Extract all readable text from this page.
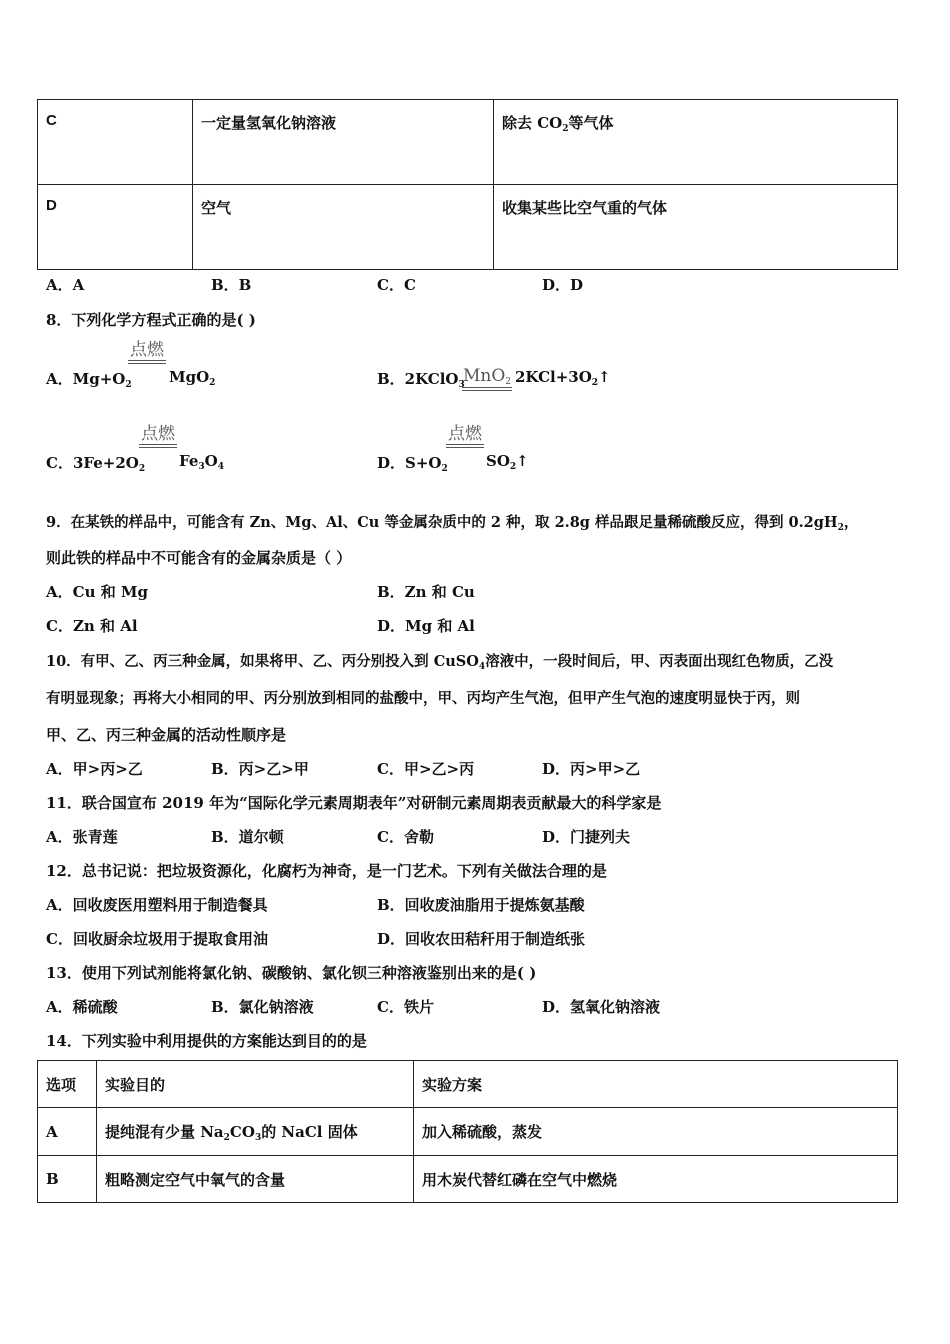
C	一定量氢氧化钠溶液	除去 $CO_2$等气体
D	空气	收集某些比空气重的气体
A．A	B．B	C．C	D．D
8．下列化学方程式正确的是( )
A．$Mg+O_2$
点燃
MgO$_2$	B．2KClO$_3$
MnO$_2$ $2KCl+3O_2↑$
C．$3Fe+2O_2$
点燃
$Fe_3O_4$	D．$S+O_2$
点燃
$SO_2↑$
9．在某铁的样品中，可能含有 Zn、Mg、Al、Cu 等金属杂质中的 2 种，取 2.8g 样品跟足量稀硫酸反应，得到 $0.2gH_2$，
则此铁的样品中不可能含有的金属杂质是（ ）
A．Cu 和 Mg	B．Zn 和 Cu
C．Zn 和 Al	D．Mg 和 Al
10．有甲、乙、丙三种金属，如果将甲、乙、丙分别投入到 CuSO$_4$溶液中，一段时间后，甲、丙表面出现红色物质，乙没
有明显现象；再将大小相同的甲、丙分别放到相同的盐酸中，甲、丙均产生气泡，但甲产生气泡的速度明显快于丙，则
甲、乙、丙三种金属的活动性顺序是
A．甲>丙>乙	B．丙>乙>甲	C．甲>乙>丙	D．丙>甲>乙
11．联合国宣布 2019 年为“国际化学元素周期表年”对研制元素周期表贡献最大的科学家是
A．张青莲	B．道尔顿	C．舍勒	D．门捷列夫
12．总书记说：把垃圾资源化，化腐朽为神奇，是一门艺术。下列有关做法合理的是
A．回收废医用塑料用于制造餐具	B．回收废油脂用于提炼氨基酸
C．回收厨余垃圾用于提取食用油	D．回收农田秸秆用于制造纸张
13．使用下列试剂能将氯化钠、碳酸钠、氯化钡三种溶液鉴别出来的是( )
A．稀硫酸	B．氯化钠溶液	C．铁片	D．氢氧化钠溶液
14．下列实验中利用提供的方案能达到目的的是
选项	实验目的	实验方案
A	提纯混有少量 $Na_2CO_3$的 NaCl 固体	加入稀硫酸，蒸发
B	粗略测定空气中氧气的含量	用木炭代替红磷在空气中燃烧
